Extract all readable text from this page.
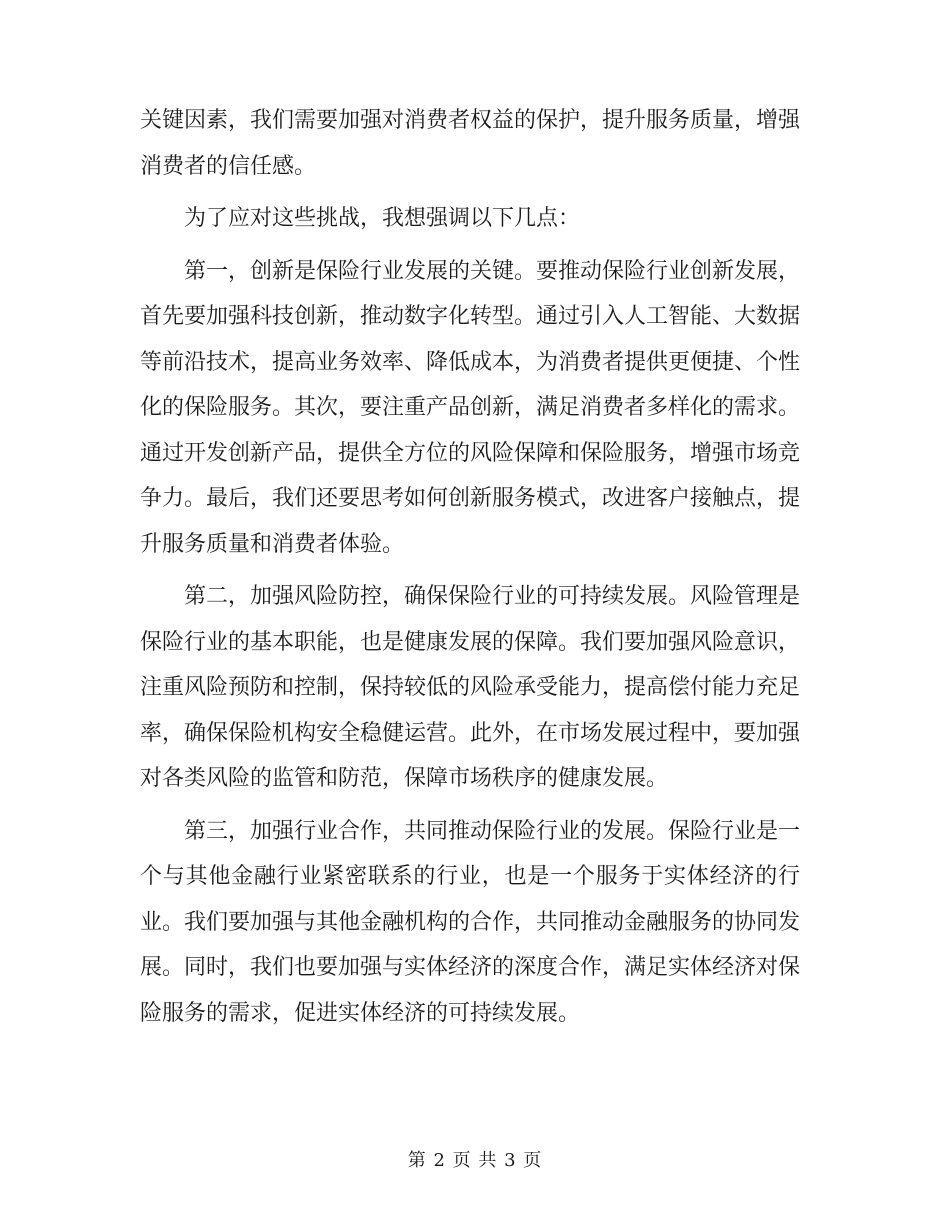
关键因素，我们需要加强对消费者权益的保护，提升服务质量，增强消费者的信任感。

为了应对这些挑战，我想强调以下几点：

第一，创新是保险行业发展的关键。要推动保险行业创新发展，首先要加强科技创新，推动数字化转型。通过引入人工智能、大数据等前沿技术，提高业务效率、降低成本，为消费者提供更便捷、个性化的保险服务。其次，要注重产品创新，满足消费者多样化的需求。通过开发创新产品，提供全方位的风险保障和保险服务，增强市场竞争力。最后，我们还要思考如何创新服务模式，改进客户接触点，提升服务质量和消费者体验。

第二，加强风险防控，确保保险行业的可持续发展。风险管理是保险行业的基本职能，也是健康发展的保障。我们要加强风险意识，注重风险预防和控制，保持较低的风险承受能力，提高偿付能力充足率，确保保险机构安全稳健运营。此外，在市场发展过程中，要加强对各类风险的监管和防范，保障市场秩序的健康发展。

第三，加强行业合作，共同推动保险行业的发展。保险行业是一个与其他金融行业紧密联系的行业，也是一个服务于实体经济的行业。我们要加强与其他金融机构的合作，共同推动金融服务的协同发展。同时，我们也要加强与实体经济的深度合作，满足实体经济对保险服务的需求，促进实体经济的可持续发展。

第 2 页 共 3 页
